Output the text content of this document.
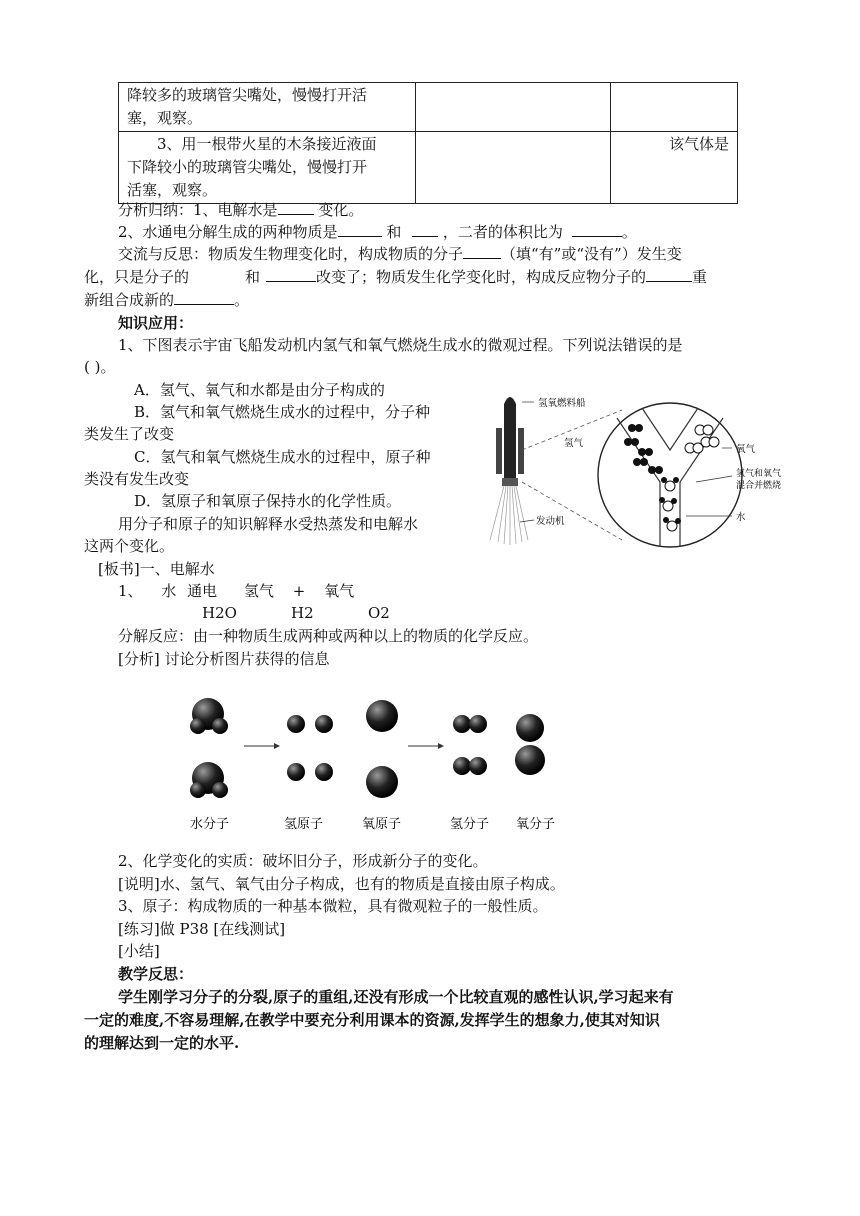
降较多的玻璃管尖嘴处，慢慢打开活
塞，观察。		

3、用一根带火星的木条接近液面
下降较小的玻璃管尖嘴处，慢慢打开
活塞，观察。		该气体是
分析归纳：1、电解水是 变化。
2、水通电分解生成的两种物质是	和	，二者的体积比为	。
交流与反思：物质发生物理变化时，构成物质的分子	（填“有”或“没有”）发生变
化，只是分子的	和	改变了；物质发生化学变化时，构成反应物分子的	重
新组合成新的	。
知识应用：
1、下图表示宇宙飞船发动机内氢气和氧气燃烧生成水的微观过程。下列说法错误的是
( )。
A．氢气、氧气和水都是由分子构成的
B．氢气和氧气燃烧生成水的过程中，分子种
类发生了改变
C．氢气和氧气燃烧生成水的过程中，原子种
类没有发生改变
D．氢原子和氧原子保持水的化学性质。
用分子和原子的知识解释水受热蒸发和电解水
这两个变化。
氢氧燃料船
氢气
氧气
氢气和氧气
混合并燃烧
水
发动机
[板书]一、电解水
1、 水 通电 氢气 + 氧气
H2O	H2	O2
分解反应：由一种物质生成两种或两种以上的物质的化学反应。
[分析] 讨论分析图片获得的信息
水分子	氢原子	氧原子	氢分子 氧分子
2、化学变化的实质：破坏旧分子，形成新分子的变化。
[说明]水、氢气、氧气由分子构成，也有的物质是直接由原子构成。
3、原子：构成物质的一种基本微粒，具有微观粒子的一般性质。
[练习]做 P38 [在线测试]
[小结]
教学反思：
学生刚学习分子的分裂,原子的重组,还没有形成一个比较直观的感性认识,学习起来有
一定的难度,不容易理解,在教学中要充分利用课本的资源,发挥学生的想象力,使其对知识
的理解达到一定的水平.
